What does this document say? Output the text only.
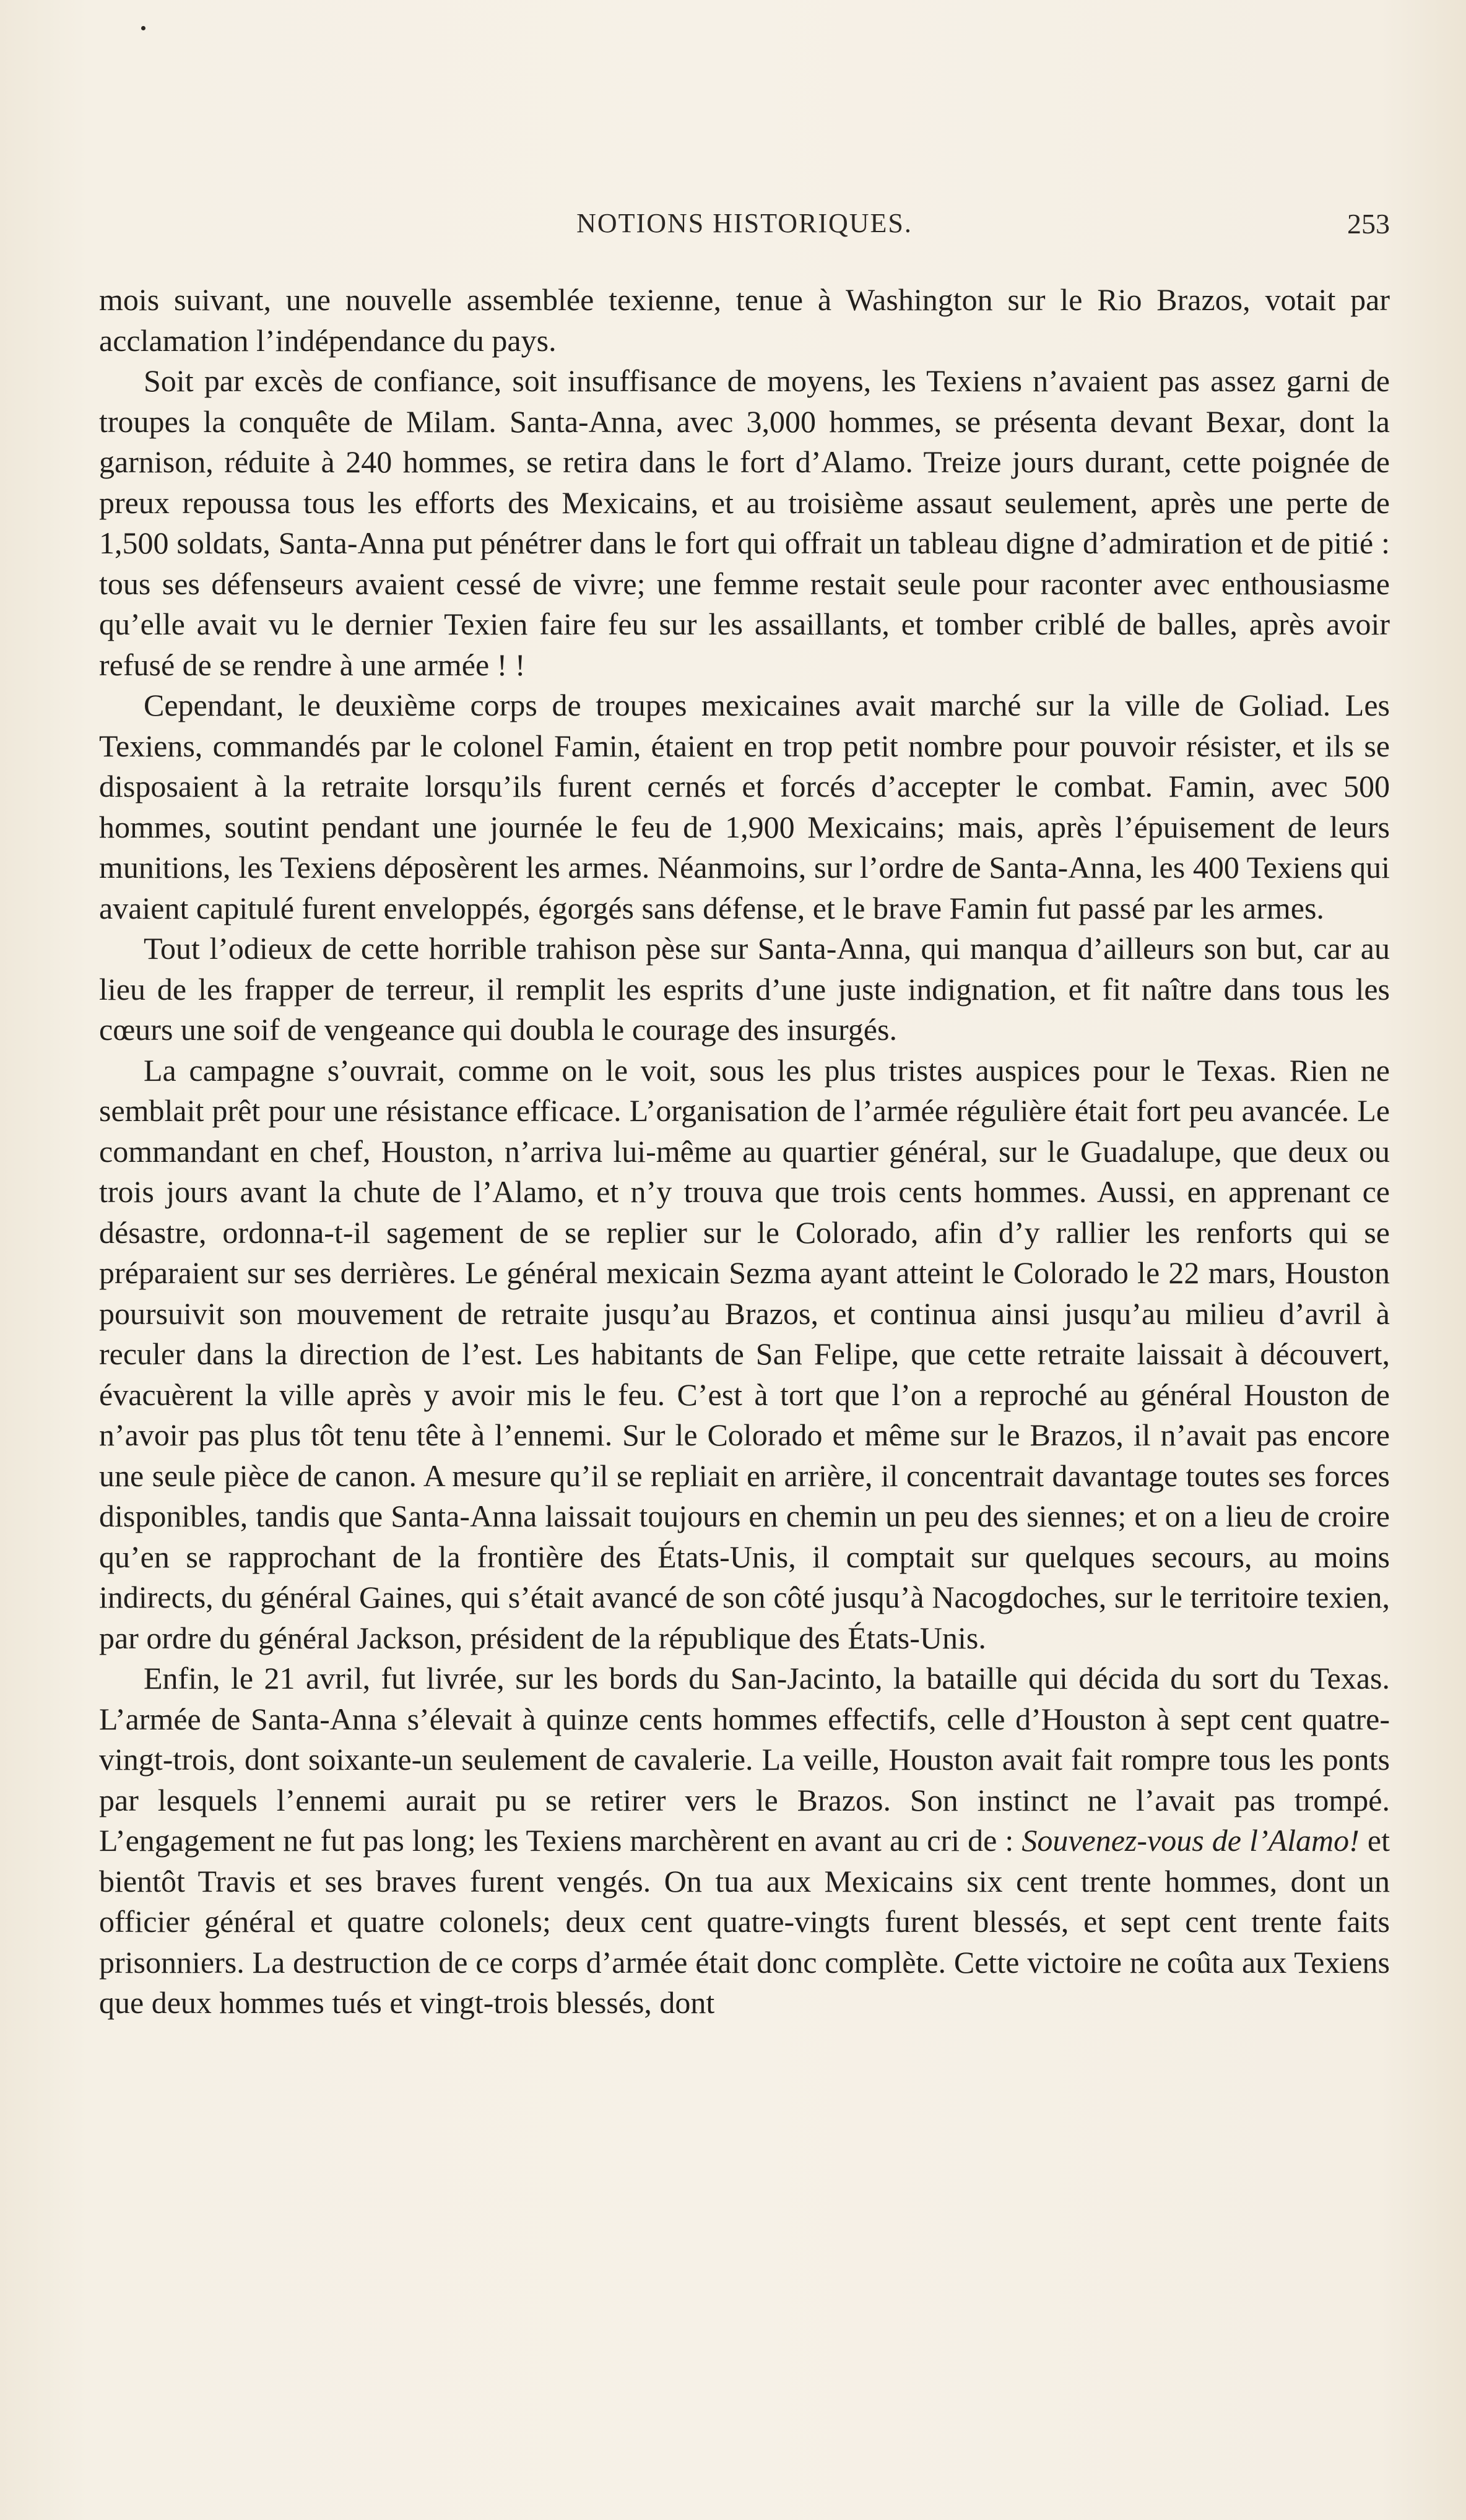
NOTIONS HISTORIQUES.	253

mois suivant, une nouvelle assemblée texienne, tenue à Washington sur le Rio Brazos, votait par acclamation l’indépendance du pays.

Soit par excès de confiance, soit insuffisance de moyens, les Texiens n’avaient pas assez garni de troupes la conquête de Milam. Santa-Anna, avec 3,000 hommes, se présenta devant Bexar, dont la garnison, réduite à 240 hommes, se retira dans le fort d’Alamo. Treize jours durant, cette poignée de preux repoussa tous les efforts des Mexicains, et au troisième assaut seulement, après une perte de 1,500 soldats, Santa-Anna put pénétrer dans le fort qui offrait un tableau digne d’admiration et de pitié : tous ses défenseurs avaient cessé de vivre; une femme restait seule pour raconter avec enthousiasme qu’elle avait vu le dernier Texien faire feu sur les assaillants, et tomber criblé de balles, après avoir refusé de se rendre à une armée ! !

Cependant, le deuxième corps de troupes mexicaines avait marché sur la ville de Goliad. Les Texiens, commandés par le colonel Famin, étaient en trop petit nombre pour pouvoir résister, et ils se disposaient à la retraite lorsqu’ils furent cernés et forcés d’accepter le combat. Famin, avec 500 hommes, soutint pendant une journée le feu de 1,900 Mexicains; mais, après l’épuisement de leurs munitions, les Texiens déposèrent les armes. Néanmoins, sur l’ordre de Santa-Anna, les 400 Texiens qui avaient capitulé furent enveloppés, égorgés sans défense, et le brave Famin fut passé par les armes.

Tout l’odieux de cette horrible trahison pèse sur Santa-Anna, qui manqua d’ailleurs son but, car au lieu de les frapper de terreur, il remplit les esprits d’une juste indignation, et fit naître dans tous les cœurs une soif de vengeance qui doubla le courage des insurgés.

La campagne s’ouvrait, comme on le voit, sous les plus tristes auspices pour le Texas. Rien ne semblait prêt pour une résistance efficace. L’organisation de l’armée régulière était fort peu avancée. Le commandant en chef, Houston, n’arriva lui-même au quartier général, sur le Guadalupe, que deux ou trois jours avant la chute de l’Alamo, et n’y trouva que trois cents hommes. Aussi, en apprenant ce désastre, ordonna-t-il sagement de se replier sur le Colorado, afin d’y rallier les renforts qui se préparaient sur ses derrières. Le général mexicain Sezma ayant atteint le Colorado le 22 mars, Houston poursuivit son mouvement de retraite jusqu’au Brazos, et continua ainsi jusqu’au milieu d’avril à reculer dans la direction de l’est. Les habitants de San Felipe, que cette retraite laissait à découvert, évacuèrent la ville après y avoir mis le feu. C’est à tort que l’on a reproché au général Houston de n’avoir pas plus tôt tenu tête à l’ennemi. Sur le Colorado et même sur le Brazos, il n’avait pas encore une seule pièce de canon. A mesure qu’il se repliait en arrière, il concentrait davantage toutes ses forces disponibles, tandis que Santa-Anna laissait toujours en chemin un peu des siennes; et on a lieu de croire qu’en se rapprochant de la frontière des États-Unis, il comptait sur quelques secours, au moins indirects, du général Gaines, qui s’était avancé de son côté jusqu’à Nacogdoches, sur le territoire texien, par ordre du général Jackson, président de la république des États-Unis.

Enfin, le 21 avril, fut livrée, sur les bords du San-Jacinto, la bataille qui décida du sort du Texas. L’armée de Santa-Anna s’élevait à quinze cents hommes effectifs, celle d’Houston à sept cent quatre-vingt-trois, dont soixante-un seulement de cavalerie. La veille, Houston avait fait rompre tous les ponts par lesquels l’ennemi aurait pu se retirer vers le Brazos. Son instinct ne l’avait pas trompé. L’engagement ne fut pas long; les Texiens marchèrent en avant au cri de : Souvenez-vous de l’Alamo! et bientôt Travis et ses braves furent vengés. On tua aux Mexicains six cent trente hommes, dont un officier général et quatre colonels; deux cent quatre-vingts furent blessés, et sept cent trente faits prisonniers. La destruction de ce corps d’armée était donc complète. Cette victoire ne coûta aux Texiens que deux hommes tués et vingt-trois blessés, dont
